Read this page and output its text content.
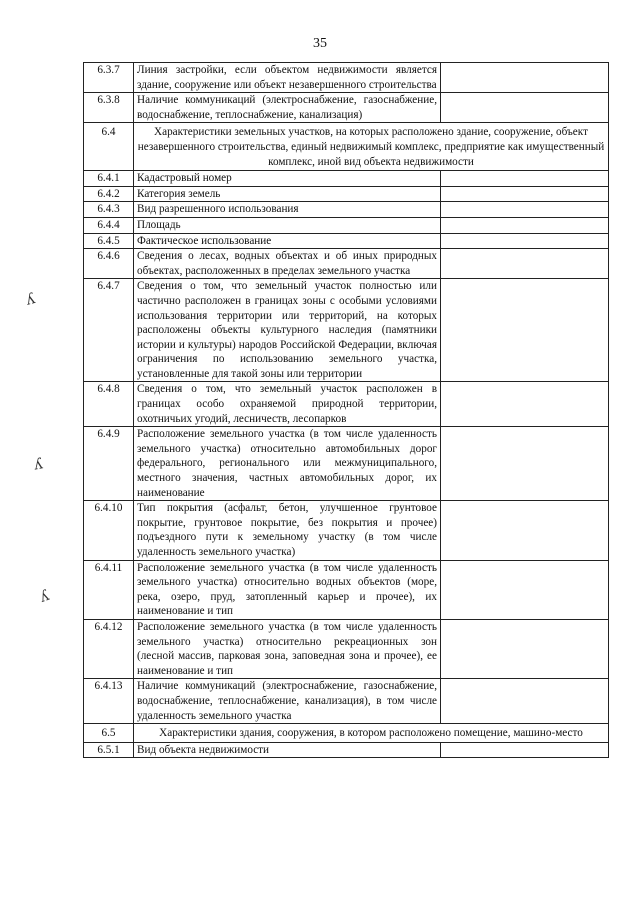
35
6.3.7	Линия застройки, если объектом недвижимости является здание, сооружение или объект незавершенного строительства	
6.3.8	Наличие коммуникаций (электроснабжение, газоснабжение, водоснабжение, теплоснабжение, канализация)	
6.4	Характеристики земельных участков, на которых расположено здание, сооружение, объект незавершенного строительства, единый недвижимый комплекс, предприятие как имущественный комплекс, иной вид объекта недвижимости	
6.4.1	Кадастровый номер	
6.4.2	Категория земель	
6.4.3	Вид разрешенного использования	
6.4.4	Площадь	
6.4.5	Фактическое использование	
6.4.6	Сведения о лесах, водных объектах и об иных природных объектах, расположенных в пределах земельного участка	
6.4.7	Сведения о том, что земельный участок полностью или частично расположен в границах зоны с особыми условиями использования территории или территорий, на которых расположены объекты культурного наследия (памятники истории и культуры) народов Российской Федерации, включая ограничения по использованию земельного участка, установленные для такой зоны или территории	
6.4.8	Сведения о том, что земельный участок расположен в границах особо охраняемой природной территории, охотничьих угодий, лесничеств, лесопарков	
6.4.9	Расположение земельного участка (в том числе удаленность земельного участка) относительно автомобильных дорог федерального, регионального или межмуниципального, местного значения, частных автомобильных дорог, их наименование	
6.4.10	Тип покрытия (асфальт, бетон, улучшенное грунтовое покрытие, грунтовое покрытие, без покрытия и прочее) подъездного пути к земельному участку (в том числе удаленность земельного участка)	
6.4.11	Расположение земельного участка (в том числе удаленность земельного участка) относительно водных объектов (море, река, озеро, пруд, затопленный карьер и прочее), их наименование и тип	
6.4.12	Расположение земельного участка (в том числе удаленность земельного участка) относительно рекреационных зон (лесной массив, парковая зона, заповедная зона и прочее), ее наименование и тип	
6.4.13	Наличие коммуникаций (электроснабжение, газоснабжение, водоснабжение, теплоснабжение, канализация), в том числе удаленность земельного участка	
6.5	Характеристики здания, сооружения, в котором расположено помещение, машино-место	
6.5.1	Вид объекта недвижимости	
ʎ
ʎ
ʎ
